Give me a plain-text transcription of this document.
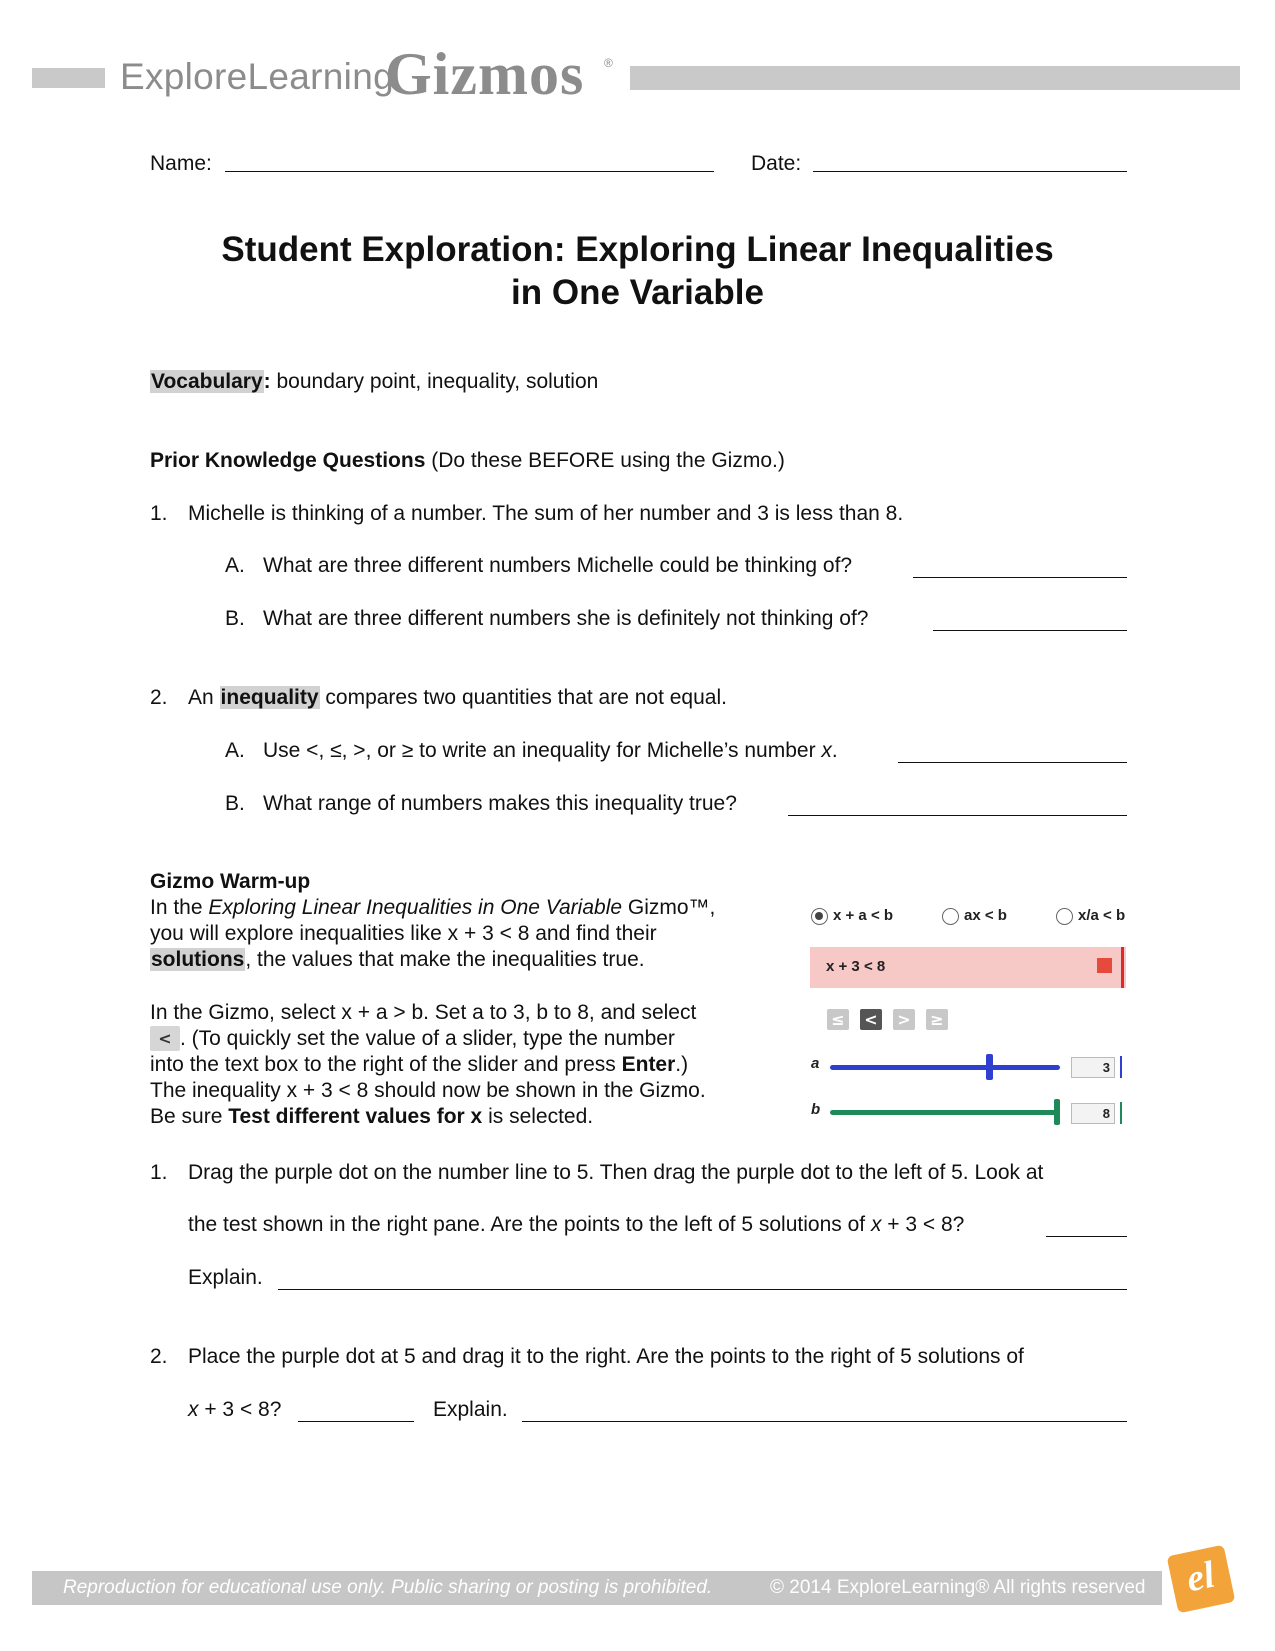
ExploreLearning
Gizmos ®
Name:	Date:
Student Exploration: Exploring Linear Inequalities
in One Variable
Vocabulary: boundary point, inequality, solution
Prior Knowledge Questions (Do these BEFORE using the Gizmo.)
1. Michelle is thinking of a number. The sum of her number and 3 is less than 8.
A. What are three different numbers Michelle could be thinking of?
B. What are three different numbers she is definitely not thinking of?
2. An inequality compares two quantities that are not equal.
A. Use <, ≤, >, or ≥ to write an inequality for Michelle’s number x.
B. What range of numbers makes this inequality true?
Gizmo Warm-up
In the Exploring Linear Inequalities in One Variable Gizmo™,
you will explore inequalities like x + 3 < 8 and find their
solutions, the values that make the inequalities true.
In the Gizmo, select x + a > b. Set a to 3, b to 8, and select
< . (To quickly set the value of a slider, type the number
into the text box to the right of the slider and press Enter.)
The inequality x + 3 < 8 should now be shown in the Gizmo.
Be sure Test different values for x is selected.
x + a < b	ax < b	x/a < b
x + 3 < 8
≤ < > ≥
a	3
b	8
1. Drag the purple dot on the number line to 5. Then drag the purple dot to the left of 5. Look at
the test shown in the right pane. Are the points to the left of 5 solutions of x + 3 < 8?
Explain.
2. Place the purple dot at 5 and drag it to the right. Are the points to the right of 5 solutions of
x + 3 < 8?	Explain.
Reproduction for educational use only. Public sharing or posting is prohibited.	© 2014 ExploreLearning® All rights reserved el
